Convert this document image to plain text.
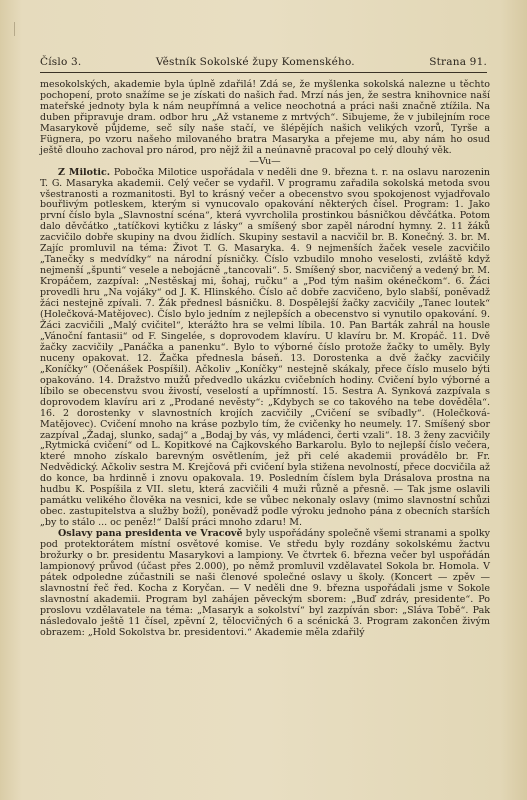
Číslo 3.	Věstník Sokolské župy Komenského.	Strana 91.

mesokolských, akademie byla úplně zdařilá! Zdá se, že myšlenka sokolská nalezne u těchto pochopení, proto snažíme se je získati do našich řad. Mrzí nás jen, že sestra knihovnice naší mateřské jednoty byla k nám neupřímná a velice neochotná a práci naši značně ztížila. Na duben připravuje dram. odbor hru „Až vstaneme z mrtvých“. Sibujeme, že v jubilejním roce Masarykově půjdeme, seč síly naše stačí, ve šlépějích našich velikých vzorů, Tyrše a Fügnera, po vzoru našeho milovaného bratra Masaryka a přejeme mu, aby nám ho osud ještě dlouho zachoval pro národ, pro nějž žil a neúnavně pracoval po celý dlouhý věk.

—Vu—

Z Milotic. Pobočka Milotice uspořádala v neděli dne 9. března t. r. na oslavu narozenin T. G. Masaryka akademii. Celý večer se vydařil. V programu zařadila sokolská metoda svou všestranosti a rozmanitosti. Byl to krásný večer a obecenstvo svou spokojenost vyjadřovalo bouřlivým potleskem, kterým si vynucovalo opakování některých čísel. Program: 1. Jako první číslo byla „Slavnostní scéna“, která vyvrcholila prostinkou básničkou děvčátka. Potom dalo děvčátko „tatíčkovi kytičku z lásky“ a smíšený sbor zapěl národní hymny. 2. 11 žáků zacvičilo dobře skupiny na dvou židlích. Skupiny sestavil a nacvičil br. B. Konečný. 3. br. M. Zajíc promluvil na téma: Život T. G. Masaryka. 4. 9 nejmenších žaček vesele zacvičilo „Tanečky s medvídky“ na národní písničky. Číslo vzbudilo mnoho veselosti, zvláště když nejmenší „špunti“ vesele a nebojácně „tancovali“. 5. Smíšený sbor, nacvičený a vedený br. M. Kropáčem, zazpíval: „Nestěskaj mi, šohaj, ručku“ a „Pod tým našim okénečkom“. 6. Žáci provedli hru „Na vojáky“ od J. K. Hlinského. Číslo ač dobře zacvičeno, bylo slabší, poněvadž žáci nestejně zpívali. 7. Žák přednesl básničku. 8. Dospělejší žačky zacvičily „Tanec loutek“ (Holečková-Matějovec). Číslo bylo jedním z nejlepších a obecenstvo si vynutilo opakování. 9. Žáci zacvičili „Malý cvičitel“, kterážto hra se velmi líbila. 10. Pan Barták zahrál na housle „Vánoční fantasii“ od F. Singelée, s doprovodem klavíru. U klavíru br. M. Kropáč. 11. Dvě žačky zacvičily „Panáčka a panenku“. Bylo to výborné číslo protože žačky to uměly. Byly nuceny opakovat. 12. Žačka přednesla báseň. 13. Dorostenka a dvě žačky zacvičily „Koníčky“ (Očenášek Pospíšil). Ačkoliv „Koníčky“ nestejně skákaly, přece číslo muselo býti opakováno. 14. Dražstvo mužů předvedlo ukázku cvičebních hodiny. Cvičení bylo výborné a líbilo se obecenstvu svou živostí, veselostí a upřímností. 15. Sestra A. Synková zazpívala s doprovodem klavíru ari z „Prodané nevěsty“: „Kdybych se co takového na tebe dověděla“. 16. 2 dorostenky v slavnostních krojích zacvičily „Cvičení se svíbadly“. (Holečková-Matějovec). Cvičení mnoho na kráse pozbylo tím, že cvičenky ho neumely. 17. Smíšený sbor zazpíval „Žadaj, slunko, sadaj“ a „Bodaj by vás, vy mládenci, čerti vzali“. 18. 3 ženy zacvičily „Rytmická cvičení“ od L. Kopitkové na Čajkovského Barkarolu. Bylo to nejlepší číslo večera, které mnoho získalo barevným osvětlením, jež při celé akademii provádělo br. Fr. Nedvědický. Ačkoliv sestra M. Krejčová při cvičení byla stižena nevolností, přece docvičila až do konce, ba hrdinně i znovu opakovala. 19. Posledním číslem byla Drásalova prostna na hudbu K. Pospíšila z VII. sletu, která zacvičili 4 muži různě a přesně. — Tak jsme oslavili památku velikého člověka na vesnici, kde se vůbec nekonaly oslavy (mimo slavnostní schůzi obec. zastupitelstva a služby boží), poněvadž podle výroku jednoho pána z obecních starších „by to stálo ... oc peněz!“ Další práci mnoho zdaru! M.

Oslavy pana presidenta ve Vracově byly uspořádány společně všemi stranami a spolky pod protektorátem místní osvětové komise. Ve středu byly rozdány sokolskému žactvu brožurky o br. presidentu Masarykovi a lampiony. Ve čtvrtek 6. března večer byl uspořádán lampionový průvod (účast přes 2.000), po němž promluvil vzdělavatel Sokola br. Homola. V pátek odpoledne zúčastnili se naši členové společné oslavy u školy. (Koncert — zpěv — slavnostní řeč řed. Kocha z Koryčan. — V neděli dne 9. března uspořádali jsme v Sokole slavnostní akademii. Program byl zahájen pěveckým sborem: „Buď zdráv, presidente“. Po proslovu vzdělavatele na téma: „Masaryk a sokolství“ byl zazpíván sbor: „Sláva Tobě“. Pak následovalo ještě 11 čísel, zpěvní 2, tělocvičných 6 a scénická 3. Program zakončen živým obrazem: „Hold Sokolstva br. presidentovi.“ Akademie měla zdařilý
